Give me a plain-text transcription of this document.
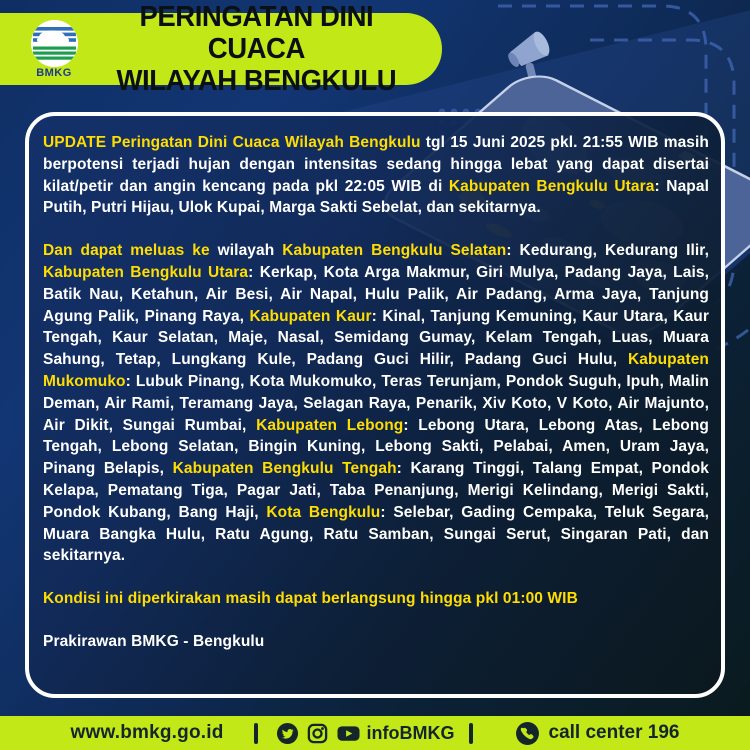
BMKG
PERINGATAN DINI CUACA
WILAYAH BENGKULU

UPDATE Peringatan Dini Cuaca Wilayah Bengkulu tgl 15 Juni 2025 pkl. 21:55 WIB masih berpotensi terjadi hujan dengan intensitas sedang hingga lebat yang dapat disertai kilat/petir dan angin kencang pada pkl 22:05 WIB di Kabupaten Bengkulu Utara: Napal Putih, Putri Hijau, Ulok Kupai, Marga Sakti Sebelat, dan sekitarnya.

Dan dapat meluas ke wilayah Kabupaten Bengkulu Selatan: Kedurang, Kedurang Ilir, Kabupaten Bengkulu Utara: Kerkap, Kota Arga Makmur, Giri Mulya, Padang Jaya, Lais, Batik Nau, Ketahun, Air Besi, Air Napal, Hulu Palik, Air Padang, Arma Jaya, Tanjung Agung Palik, Pinang Raya, Kabupaten Kaur: Kinal, Tanjung Kemuning, Kaur Utara, Kaur Tengah, Kaur Selatan, Maje, Nasal, Semidang Gumay, Kelam Tengah, Luas, Muara Sahung, Tetap, Lungkang Kule, Padang Guci Hilir, Padang Guci Hulu, Kabupaten Mukomuko: Lubuk Pinang, Kota Mukomuko, Teras Terunjam, Pondok Suguh, Ipuh, Malin Deman, Air Rami, Teramang Jaya, Selagan Raya, Penarik, Xiv Koto, V Koto, Air Majunto, Air Dikit, Sungai Rumbai, Kabupaten Lebong: Lebong Utara, Lebong Atas, Lebong Tengah, Lebong Selatan, Bingin Kuning, Lebong Sakti, Pelabai, Amen, Uram Jaya, Pinang Belapis, Kabupaten Bengkulu Tengah: Karang Tinggi, Talang Empat, Pondok Kelapa, Pematang Tiga, Pagar Jati, Taba Penanjung, Merigi Kelindang, Merigi Sakti, Pondok Kubang, Bang Haji, Kota Bengkulu: Selebar, Gading Cempaka, Teluk Segara, Muara Bangka Hulu, Ratu Agung, Ratu Samban, Sungai Serut, Singaran Pati, dan sekitarnya.

Kondisi ini diperkirakan masih dapat berlangsung hingga pkl 01:00 WIB

Prakirawan BMKG - Bengkulu

www.bmkg.go.id	infoBMKG	call center 196
